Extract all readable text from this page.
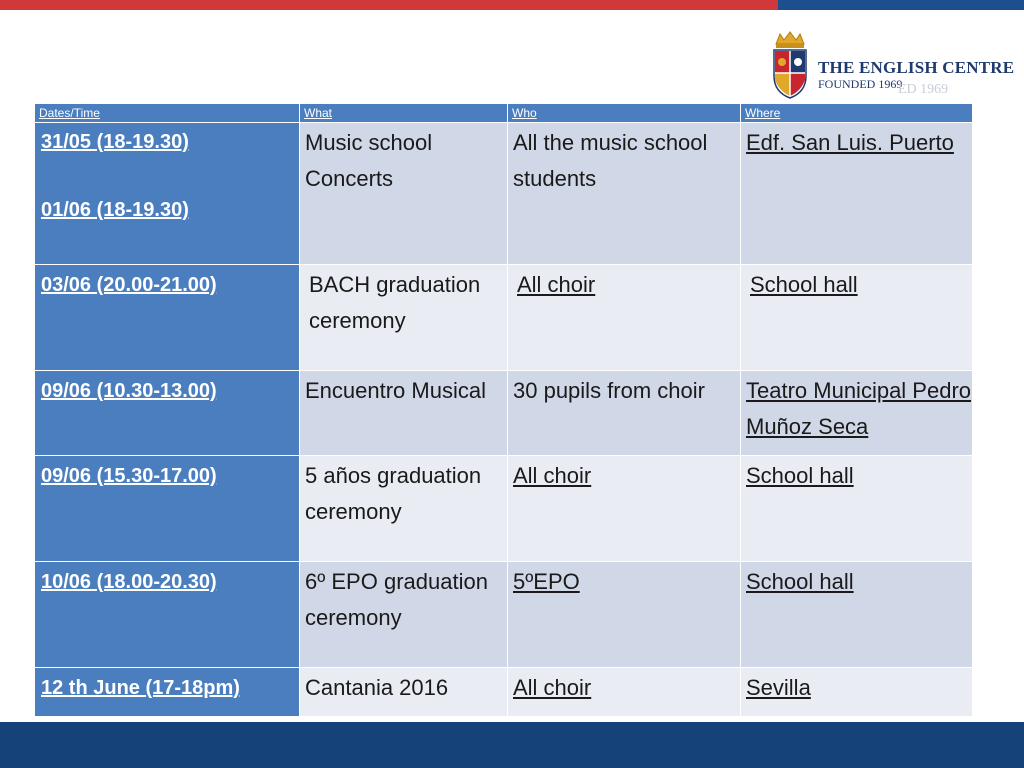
THE ENGLISH CENTRE
FOUNDED 1969
ED 1969
Dates/Time	What	Who	Where

31/05 (18-19.30)
01/06 (18-19.30)	Music school Concerts	All the music school students	Edf. San Luis. Puerto
03/06 (20.00-21.00)	BACH graduation ceremony	All choir	School hall
09/06 (10.30-13.00)	Encuentro Musical	30 pupils from choir	Teatro Municipal Pedro Muñoz Seca
09/06 (15.30-17.00)	5 años graduation ceremony	All choir	School hall
10/06 (18.00-20.30)	6º EPO graduation ceremony	5ºEPO	School hall
12 th June (17-18pm)	Cantania 2016	All choir	Sevilla
